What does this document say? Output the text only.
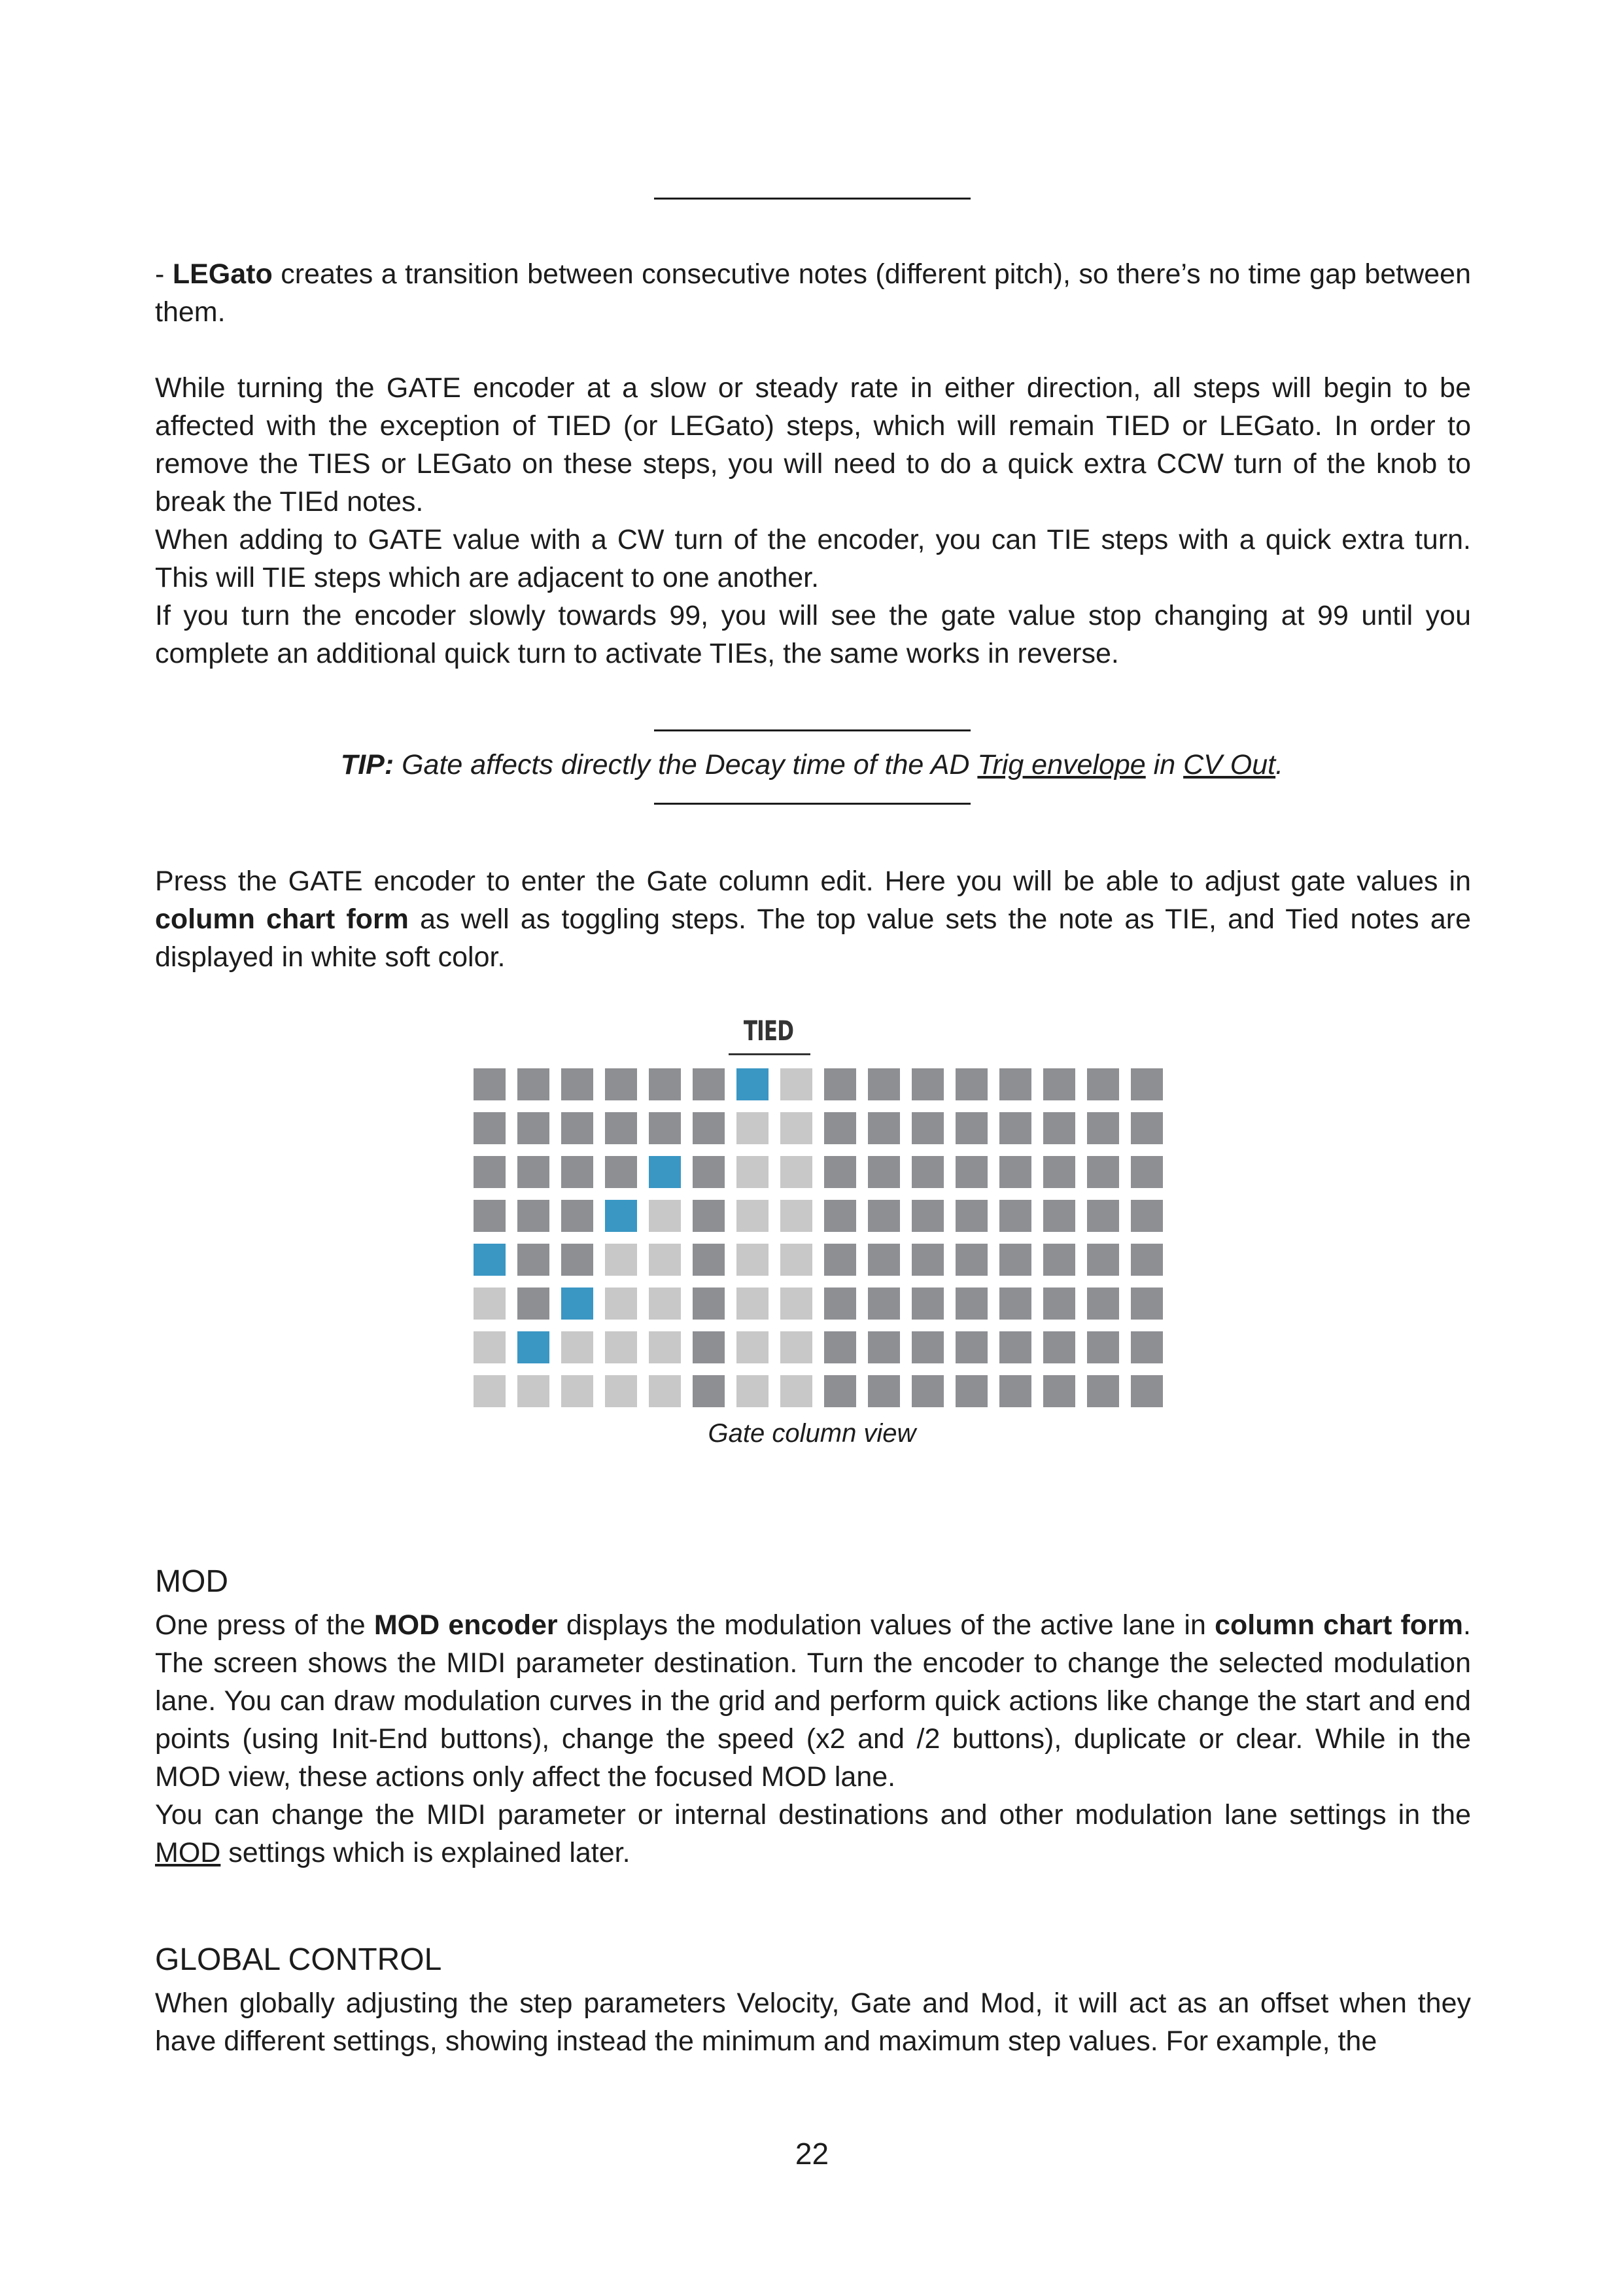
- LEGato creates a transition between consecutive notes (different pitch), so there’s no time gap between them.

While turning the GATE encoder at a slow or steady rate in either direction, all steps will begin to be affected with the exception of TIED (or LEGato) steps, which will remain TIED or LEGato. In order to remove the TIES or LEGato on these steps, you will need to do a quick extra CCW turn of the knob to break the TIEd notes.

When adding to GATE value with a CW turn of the encoder, you can TIE steps with a quick extra turn. This will TIE steps which are adjacent to one another.

If you turn the encoder slowly towards 99, you will see the gate value stop changing at 99 until you complete an additional quick turn to activate TIEs, the same works in reverse.

TIP: Gate affects directly the Decay time of the AD Trig envelope in CV Out.

Press the GATE encoder to enter the Gate column edit. Here you will be able to adjust gate values in column chart form as well as toggling steps. The top value sets the note as TIE, and Tied notes are displayed in white soft color.

TIED
Gate column view
MOD

One press of the MOD encoder displays the modulation values of the active lane in column chart form. The screen shows the MIDI parameter destination. Turn the encoder to change the selected modulation lane. You can draw modulation curves in the grid and perform quick actions like change the start and end points (using Init-End buttons), change the speed (x2 and /2 buttons), duplicate or clear. While in the MOD view, these actions only affect the focused MOD lane.

You can change the MIDI parameter or internal destinations and other modulation lane settings in the MOD settings which is explained later.

GLOBAL CONTROL

When globally adjusting the step parameters Velocity, Gate and Mod, it will act as an offset when they have different settings, showing instead the minimum and maximum step values. For example, the

22
